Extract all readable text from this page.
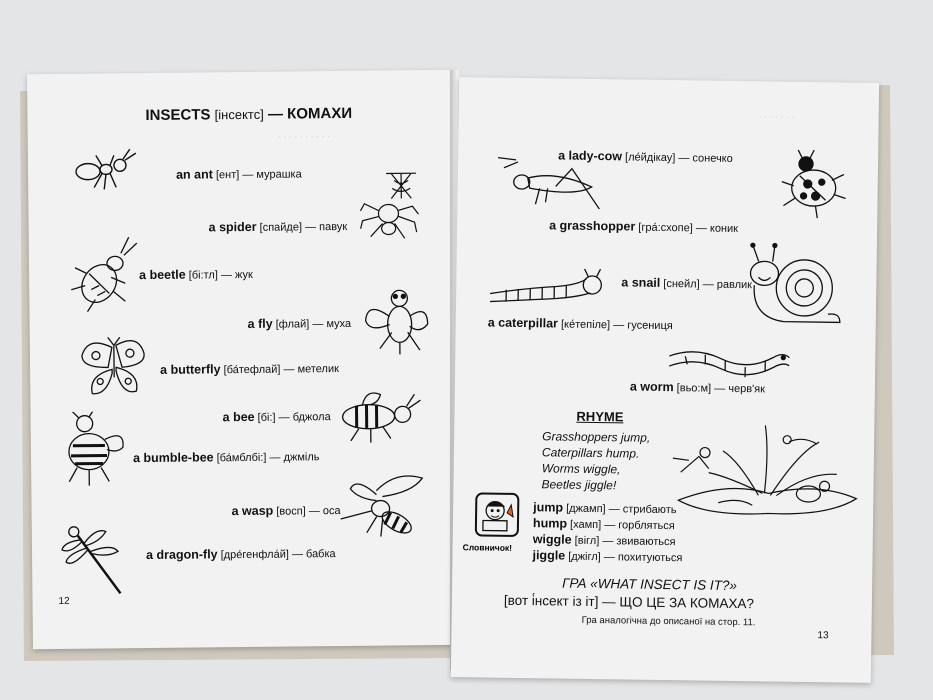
· · · · · · · · · ·
INSECTS [інсектс] — КОМАХИ
an ant [ент] — мурашка
a spider [спайде] — павук
a beetle [бі:тл] — жук
a fly [флай] — муха
a butterfly [ба́тефлай] — метелик
a bee [бі:] — бджола
a bumble-bee [ба́мблбі:] — джміль
a wasp [восп] — оса
a dragon-fly [дре́генфла́й] — бабка
12
· · · · · · ·
a lady-cow [ле́йдікау] — сонечко
a grasshopper [гра́:схопе] — коник
a snail [снейл] — равлик
a caterpillar [ке́тепіле] — гусениця
a worm [вьо:м] — черв'як
RHYME
Grasshoppers jump,
Caterpillars hump.
Worms wiggle,
Beetles jiggle!
Словничок!
jump [джамп] — стрибають
hump [хамп] — горбляться
wiggle [вігл] — звиваються
jiggle [джігл] — похитуються
ГРА «WHAT INSECT IS IT?»
[вот і́нсект із іт] — ЩО ЦЕ ЗА КОМАХА?
Гра аналогічна до описаної на стор. 11.
13
